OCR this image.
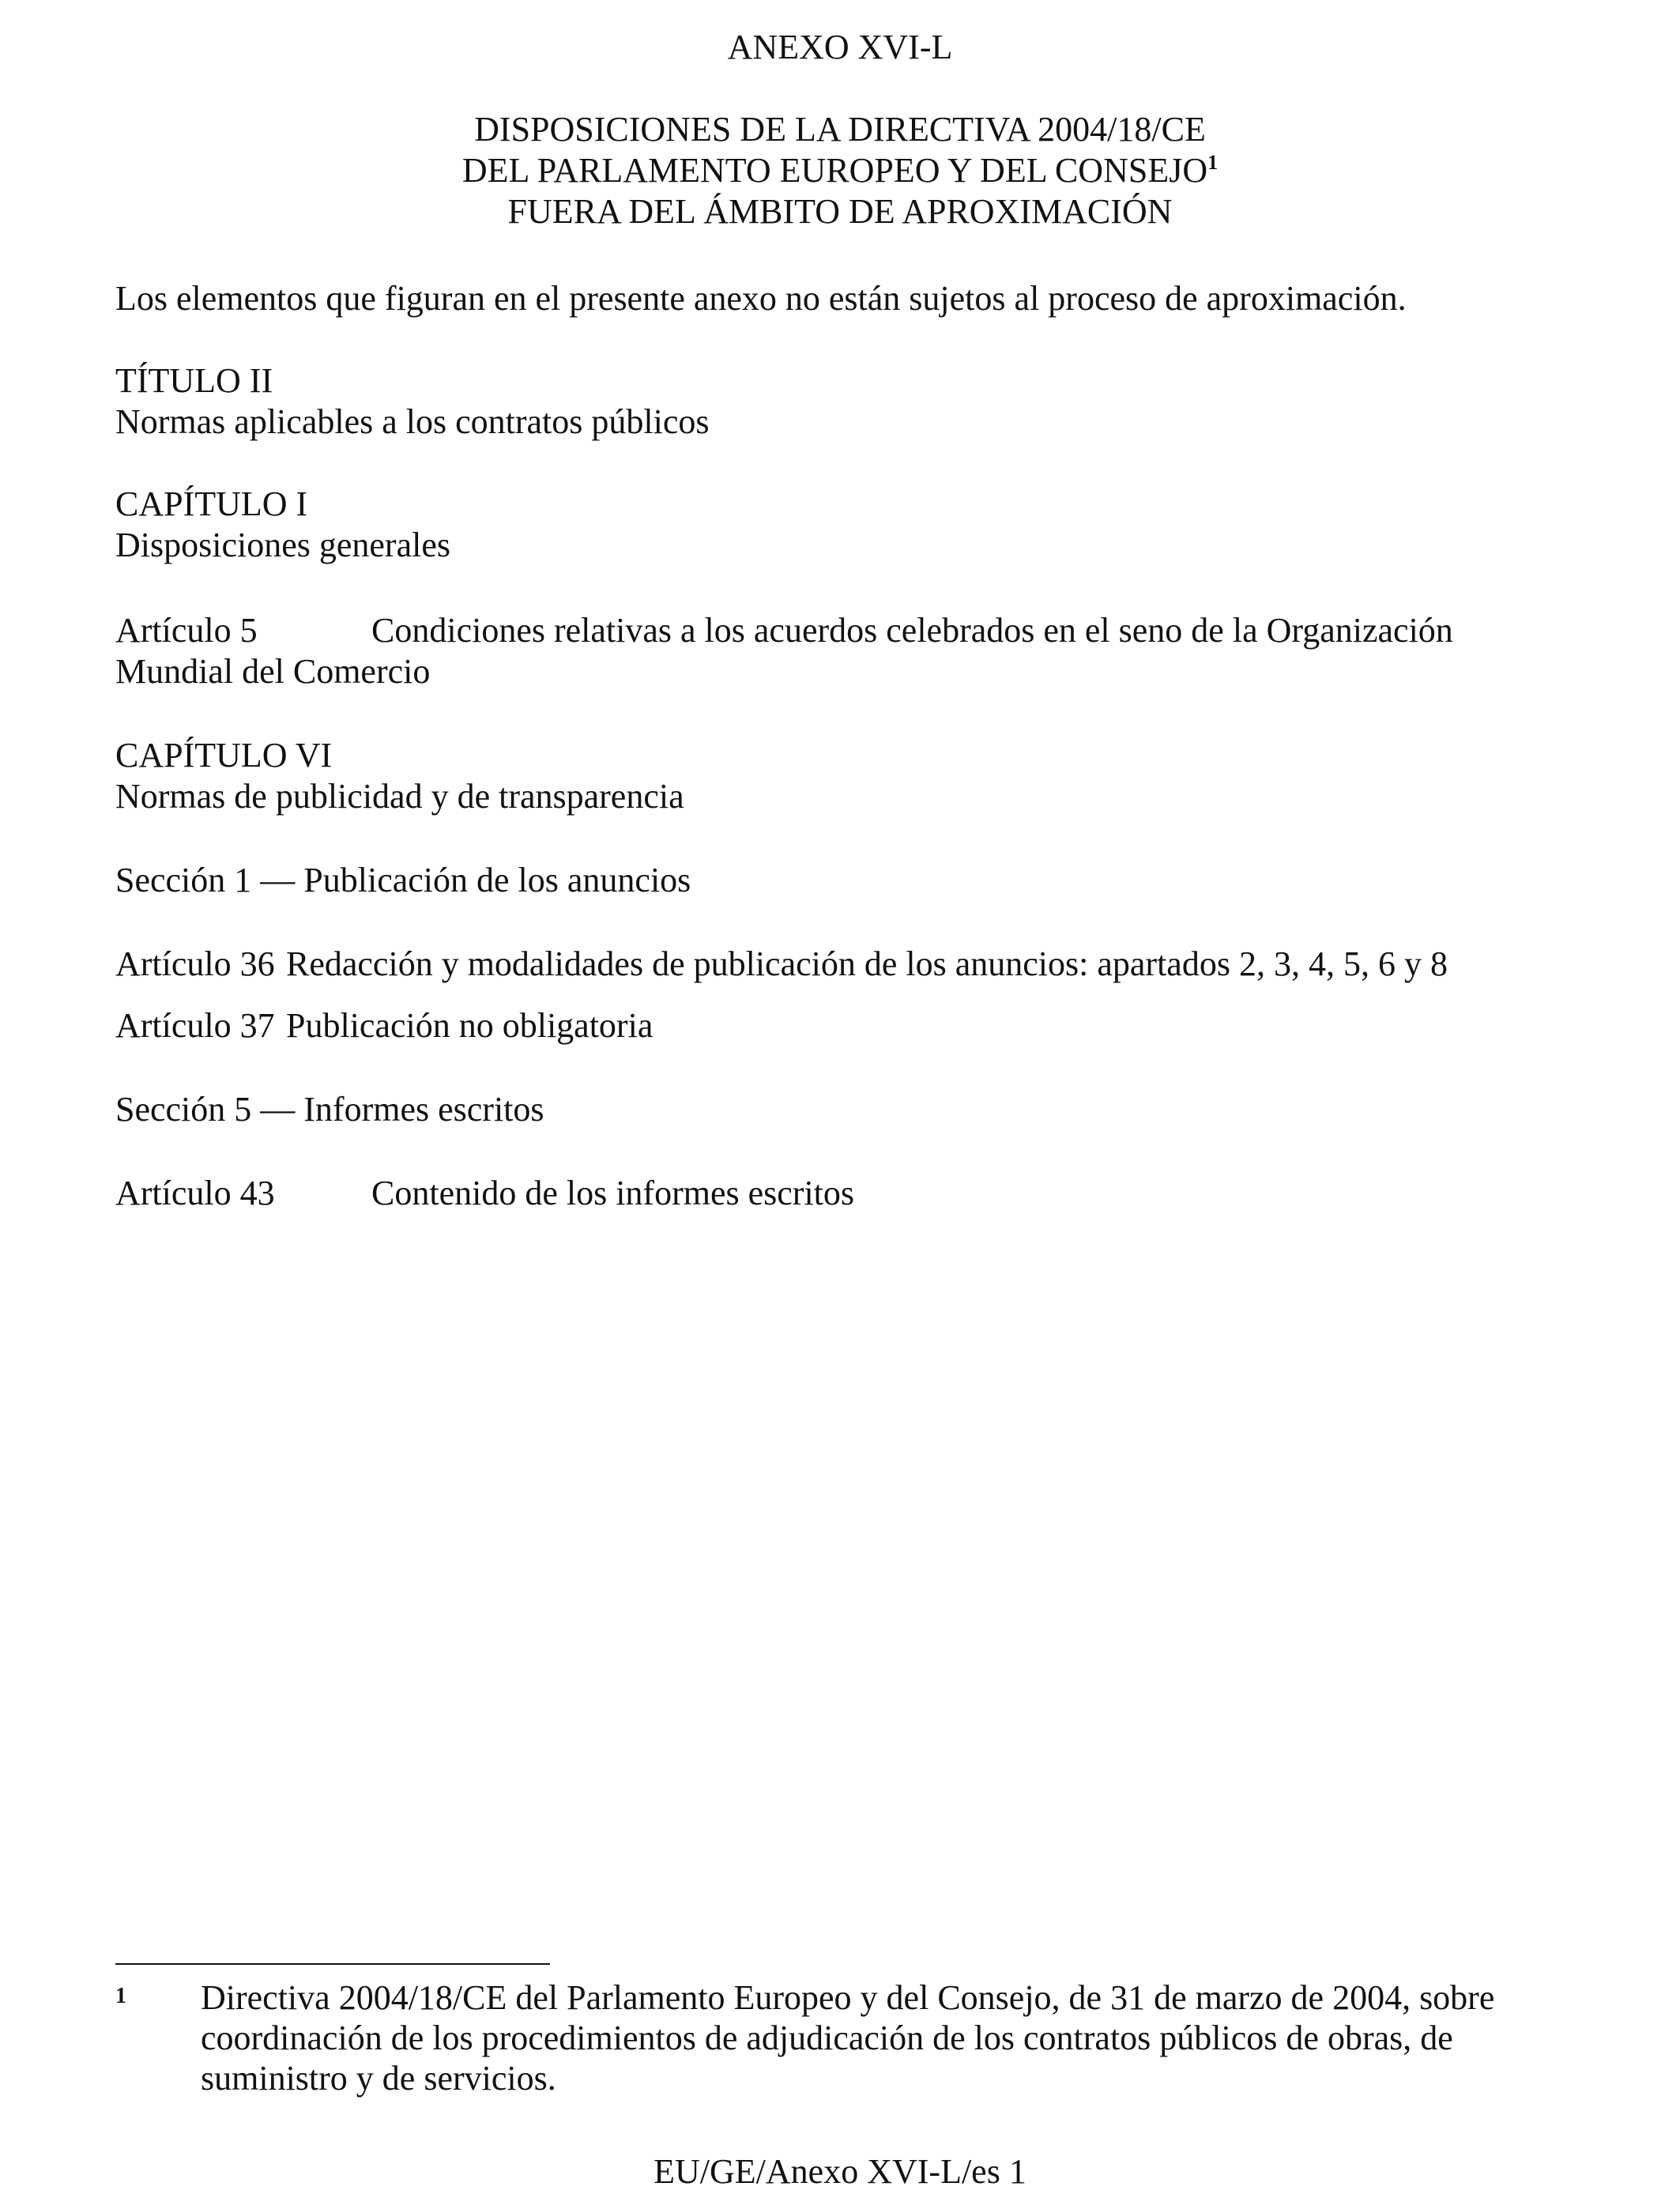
ANEXO XVI-L
DISPOSICIONES DE LA DIRECTIVA 2004/18/CE
DEL PARLAMENTO EUROPEO Y DEL CONSEJO$^1$
FUERA DEL ÁMBITO DE APROXIMACIÓN
Los elementos que figuran en el presente anexo no están sujetos al proceso de aproximación.
TÍTULO II
Normas aplicables a los contratos públicos
CAPÍTULO I
Disposiciones generales
Artículo 5	Condiciones relativas a los acuerdos celebrados en el seno de la Organización
Mundial del Comercio
CAPÍTULO VI
Normas de publicidad y de transparencia
Sección 1 — Publicación de los anuncios
Artículo 36 Redacción y modalidades de publicación de los anuncios: apartados 2, 3, 4, 5, 6 y 8
Artículo 37 Publicación no obligatoria
Sección 5 — Informes escritos
Artículo 43	Contenido de los informes escritos
1 Directiva 2004/18/CE del Parlamento Europeo y del Consejo, de 31 de marzo de 2004, sobre coordinación de los procedimientos de adjudicación de los contratos públicos de obras, de suministro y de servicios.
EU/GE/Anexo XVI-L/es 1
